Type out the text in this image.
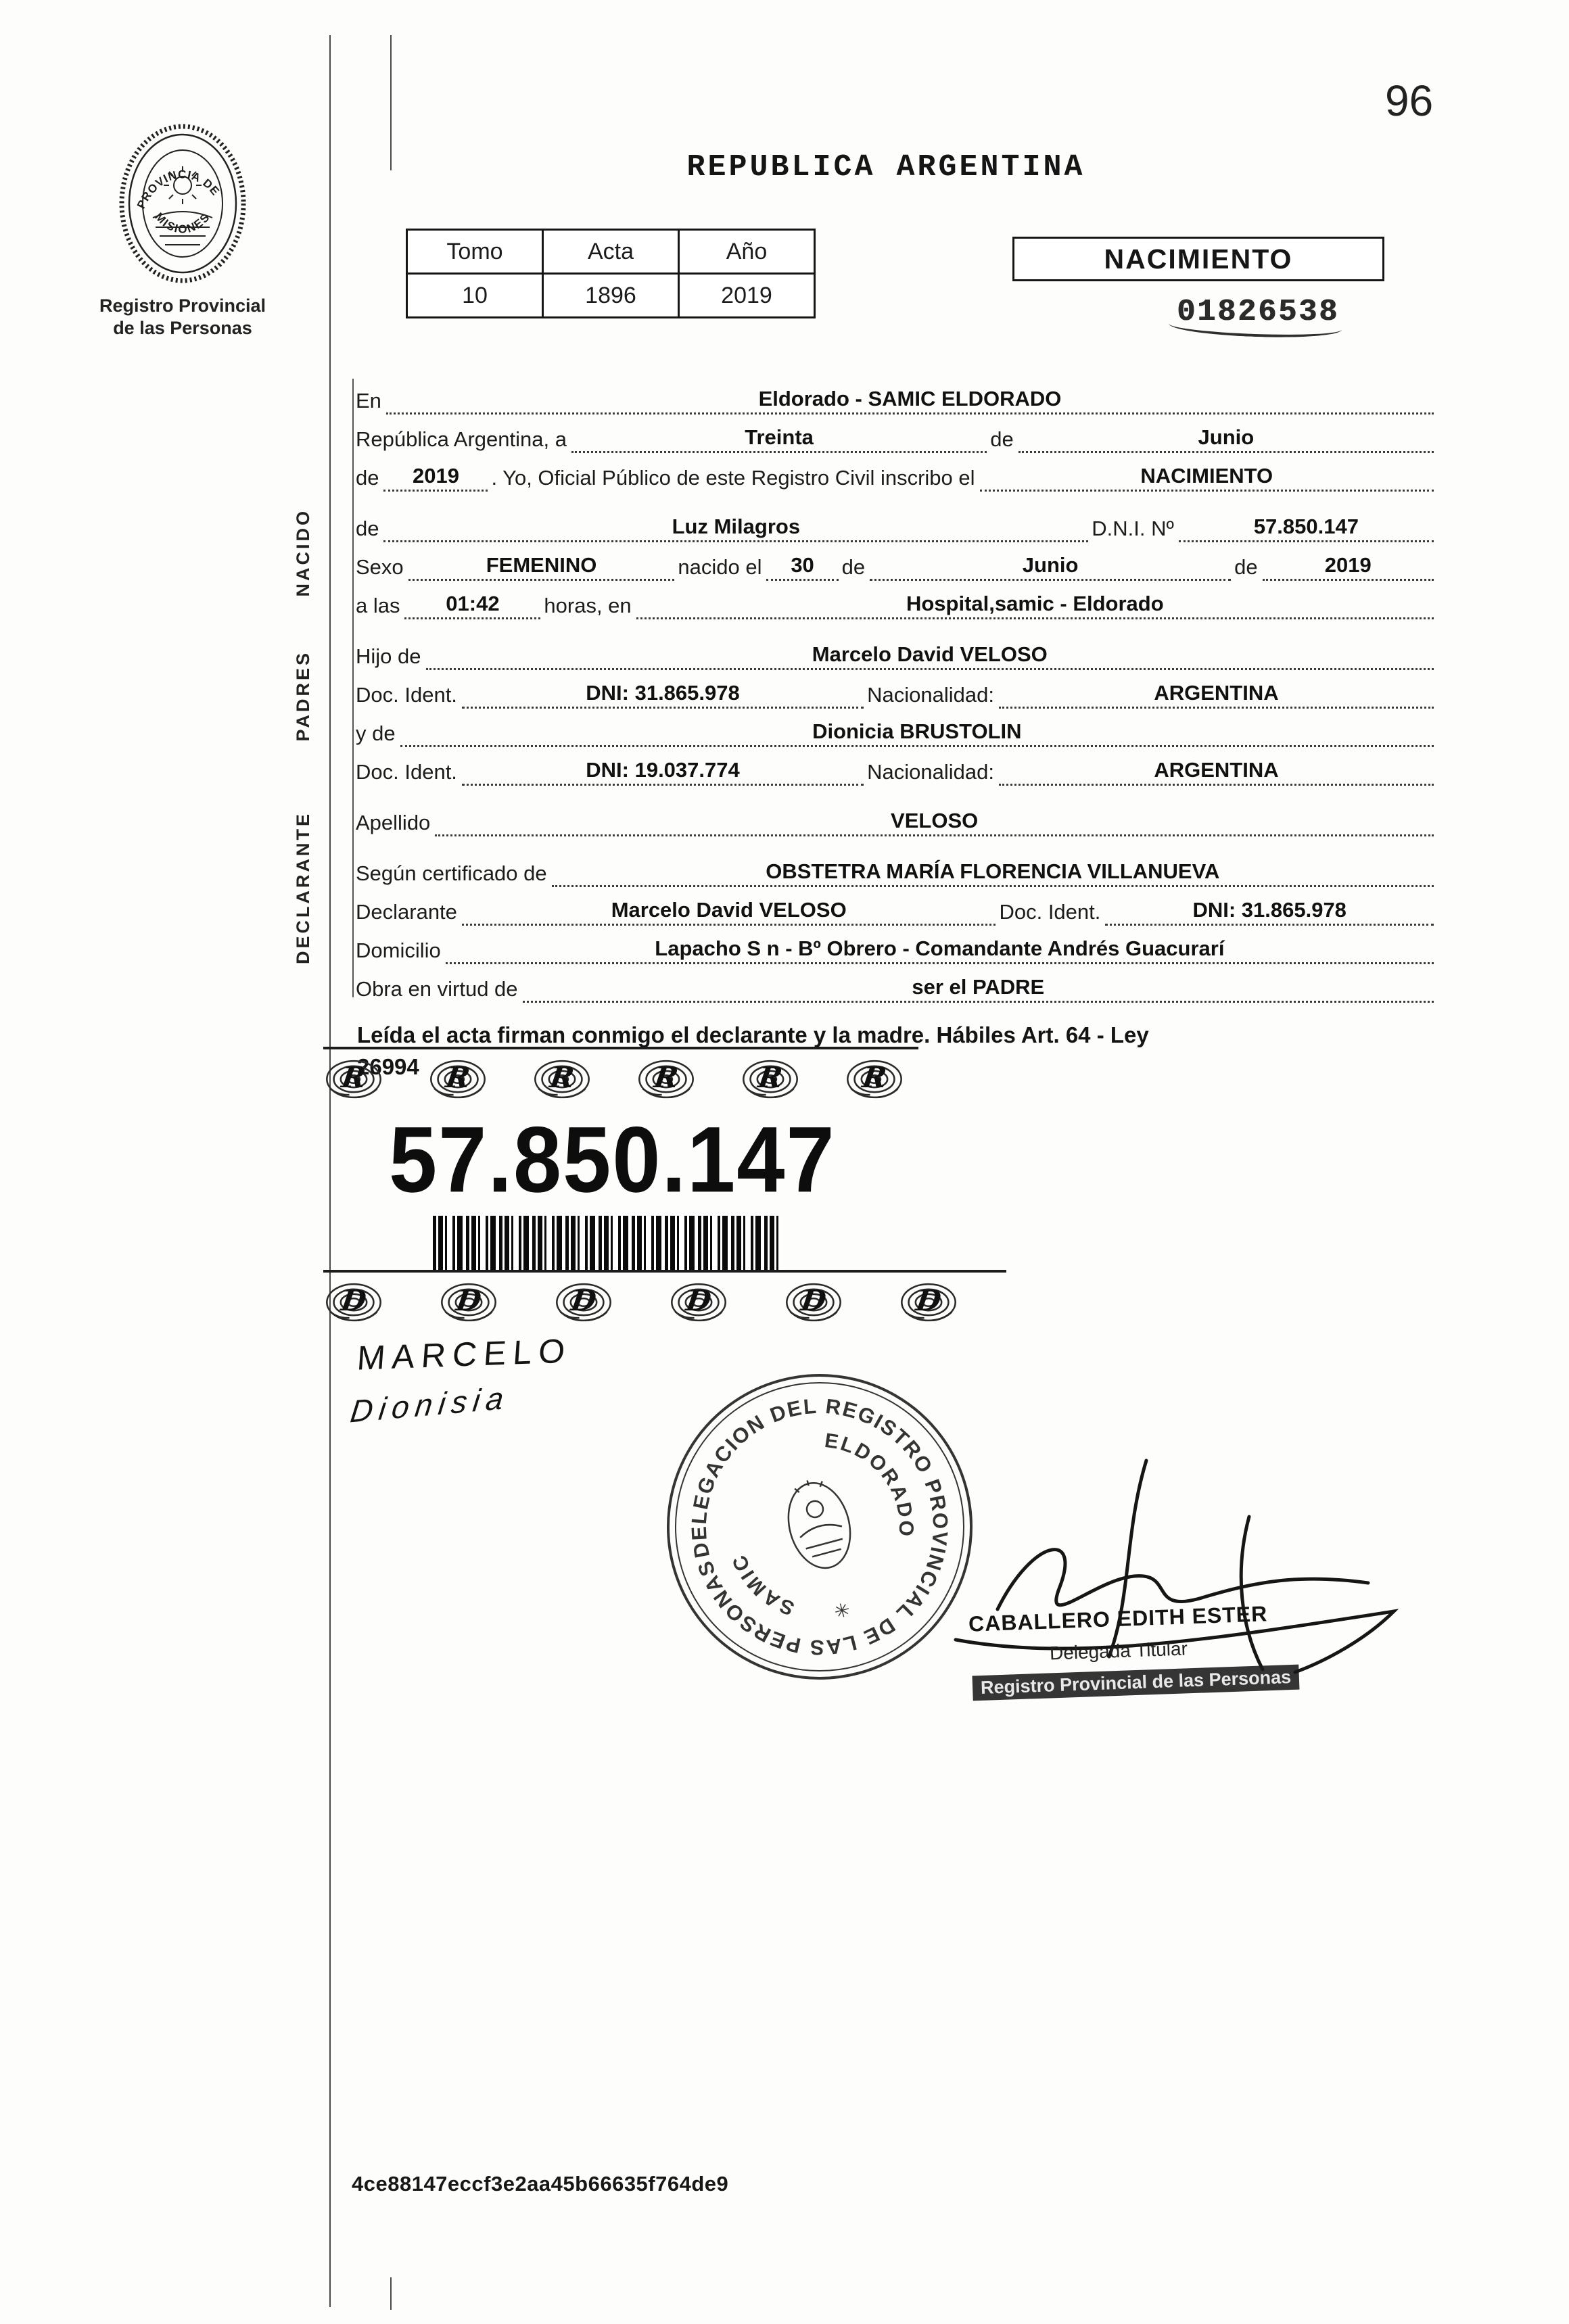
96
PROVINCIA DE
MISIONES
Registro Provincial
de las Personas
REPUBLICA ARGENTINA
Tomo	Acta	Año
10	1896	2019
NACIMIENTO
01826538
NACIDO
PADRES
DECLARANTE
En	Eldorado - SAMIC ELDORADO
República Argentina, a	Treinta	de	Junio
de	2019	. Yo, Oficial Público de este Registro Civil inscribo el	NACIMIENTO
de	Luz Milagros	D.N.I. Nº	57.850.147
Sexo	FEMENINO	nacido el	30	de	Junio	de	2019
a las	01:42	horas, en	Hospital,samic - Eldorado
Hijo de	Marcelo David VELOSO
Doc. Ident.	DNI: 31.865.978	Nacionalidad:	ARGENTINA
y de	Dionicia BRUSTOLIN
Doc. Ident.	DNI: 19.037.774	Nacionalidad:	ARGENTINA
Apellido	VELOSO
Según certificado de	OBSTETRA MARÍA FLORENCIA VILLANUEVA
Declarante	Marcelo David VELOSO	Doc. Ident.	DNI: 31.865.978
Domicilio	Lapacho S n - Bº Obrero - Comandante Andrés Guacurarí
Obra en virtud de	ser el PADRE
Leída el acta firman conmigo el declarante y la madre. Hábiles Art. 64 - Ley
26994
R	R	R	R	R	R
D	D	D	D	D	D
57.850.147
MARCELO
Dionisia
DELEGACION DEL REGISTRO PROVINCIAL DE LAS PERSONAS
SAMIC
ELDORADO
✳	CABALLERO EDITH ESTER
Delegada Titular
Registro Provincial de las Personas
4ce88147eccf3e2aa45b66635f764de9
